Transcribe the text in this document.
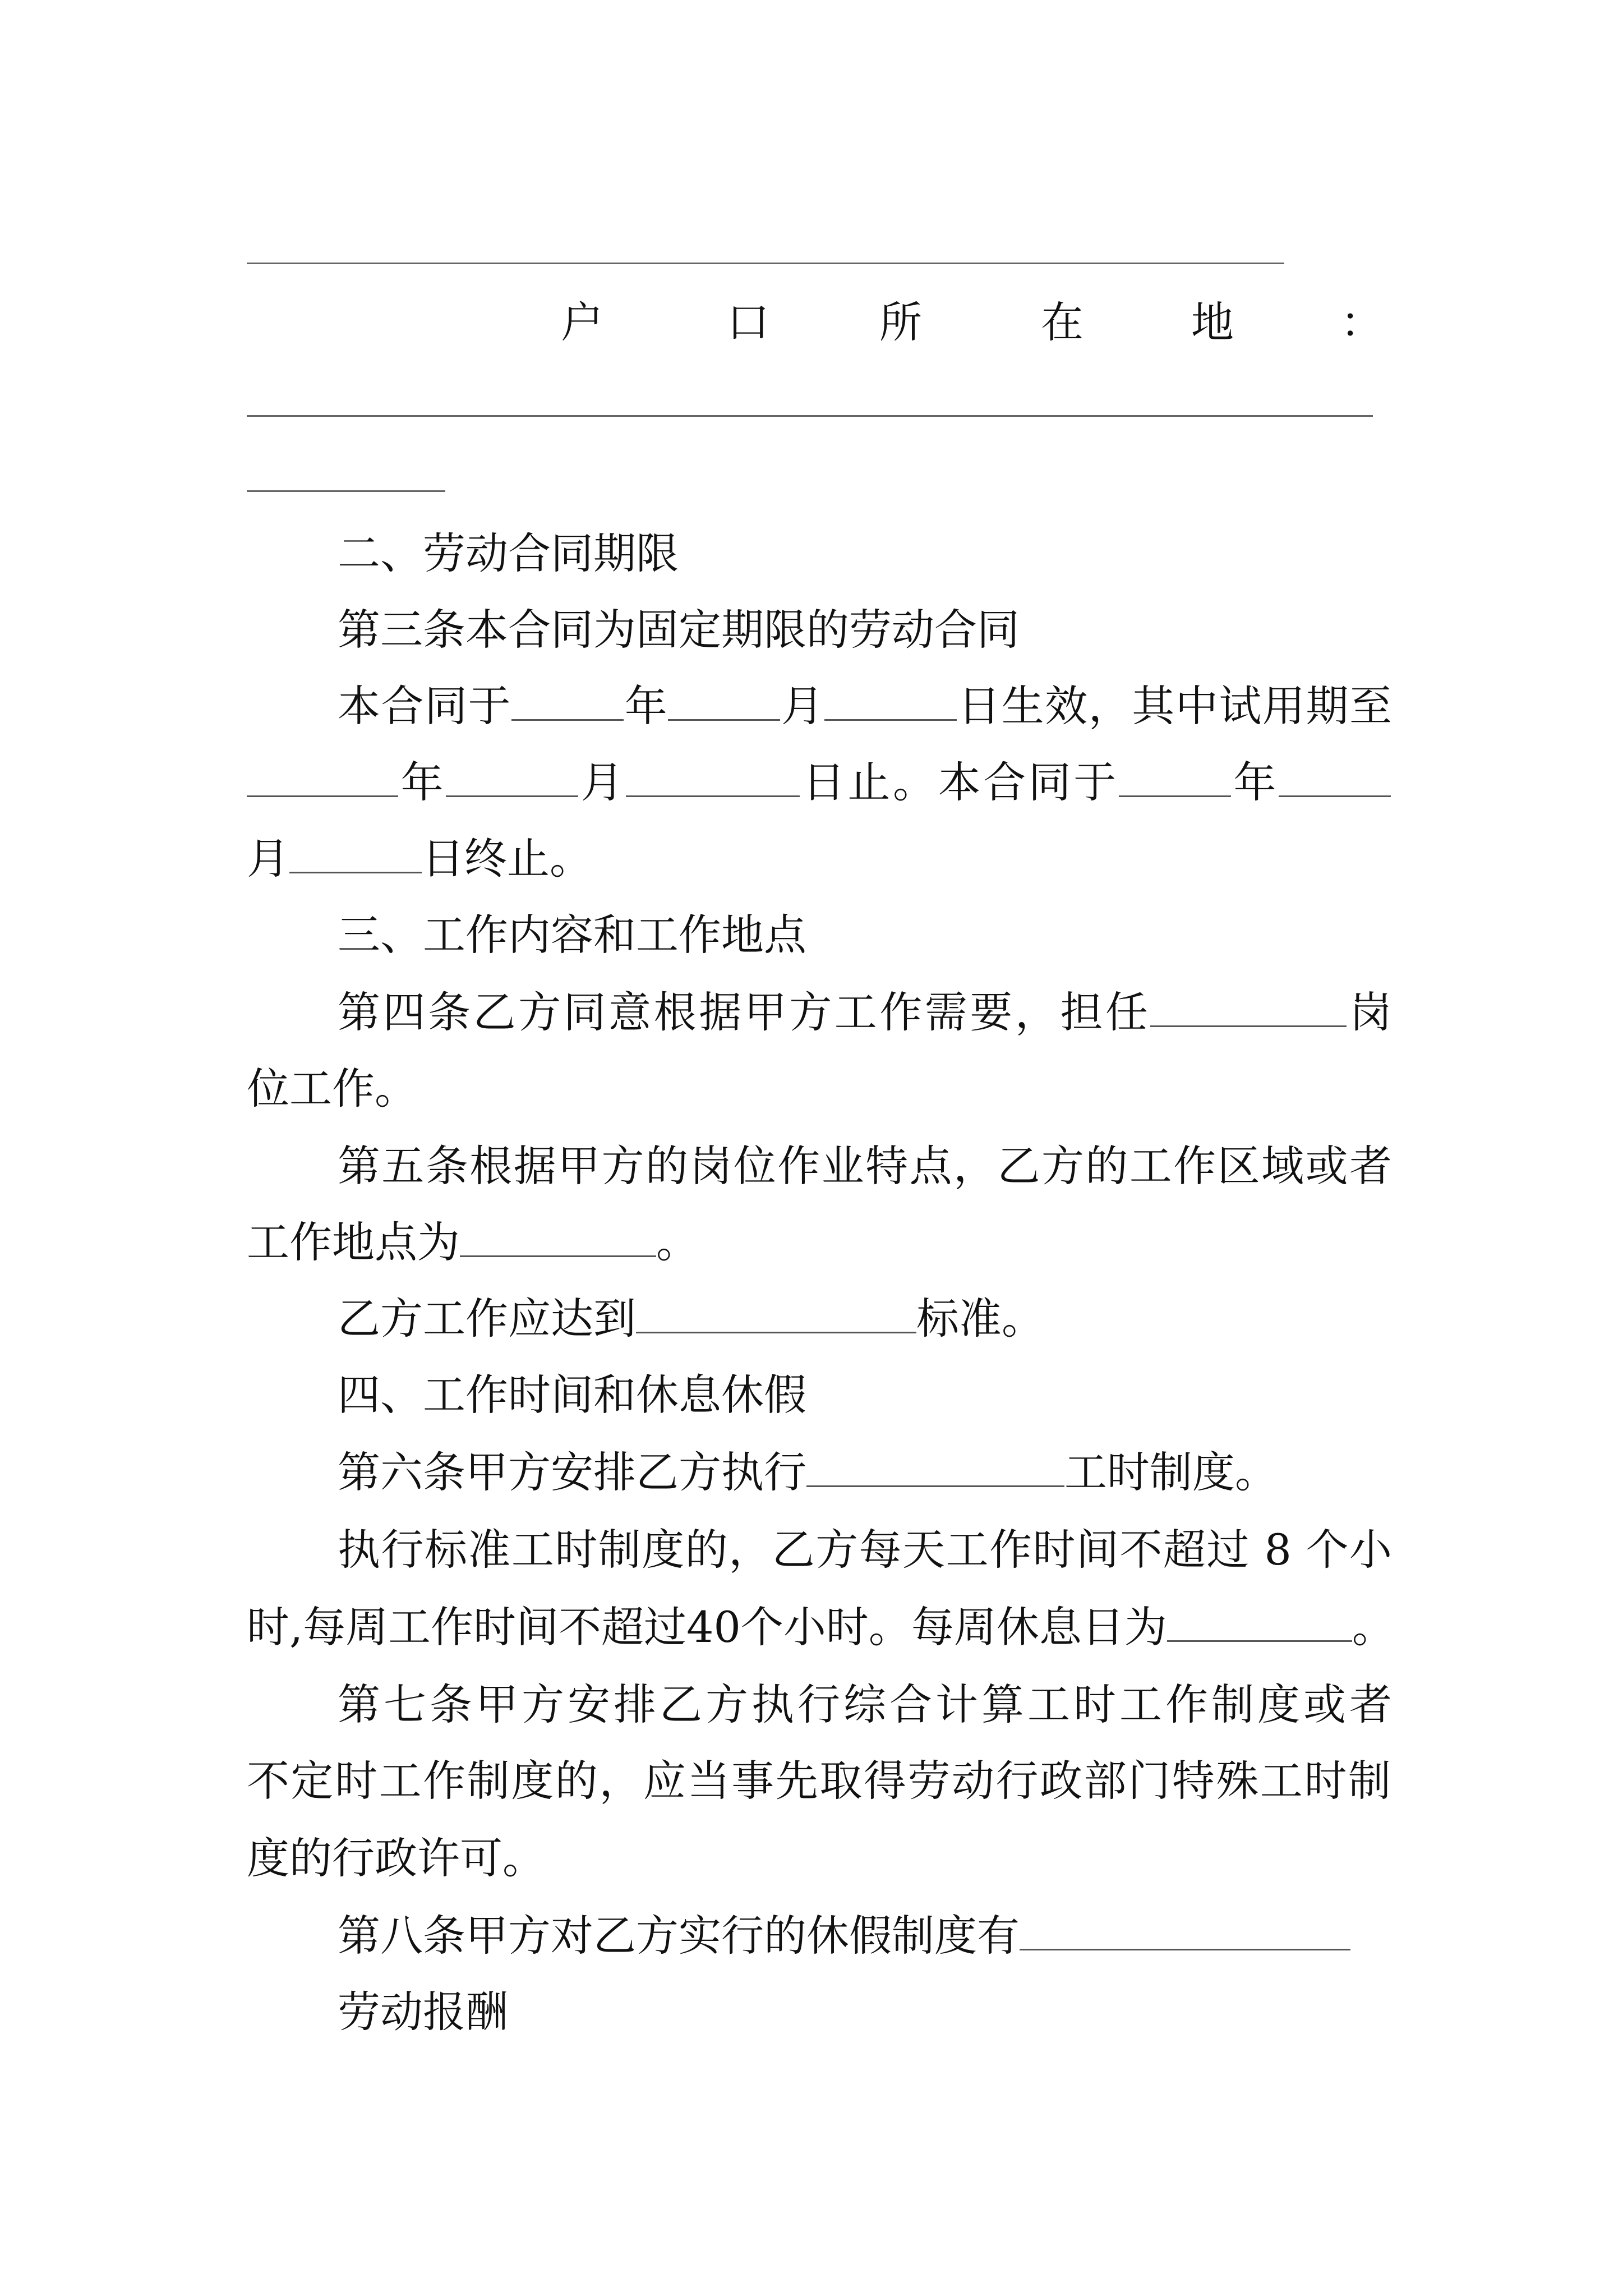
户	口	所	在	地	：
二、劳动合同期限
第三条本合同为固定期限的劳动合同
本合同于	年	月	日生效，其中试用期至
年	月	日止。本合同于	年
月	日终止。
三、工作内容和工作地点
第四条乙方同意根据甲方工作需要，担任	岗
位工作。
第五条根据甲方的岗位作业特点，乙方的工作区域或者
工作地点为	。
乙方工作应达到	标准。
四、工作时间和休息休假
第六条甲方安排乙方执行	工时制度。
执行标准工时制度的，乙方每天工作时间不超过 8 个小
时,每周工作时间不超过40个小时。每周休息日为	。
第七条甲方安排乙方执行综合计算工时工作制度或者
不定时工作制度的，应当事先取得劳动行政部门特殊工时制
度的行政许可。
第八条甲方对乙方实行的休假制度有
劳动报酬
